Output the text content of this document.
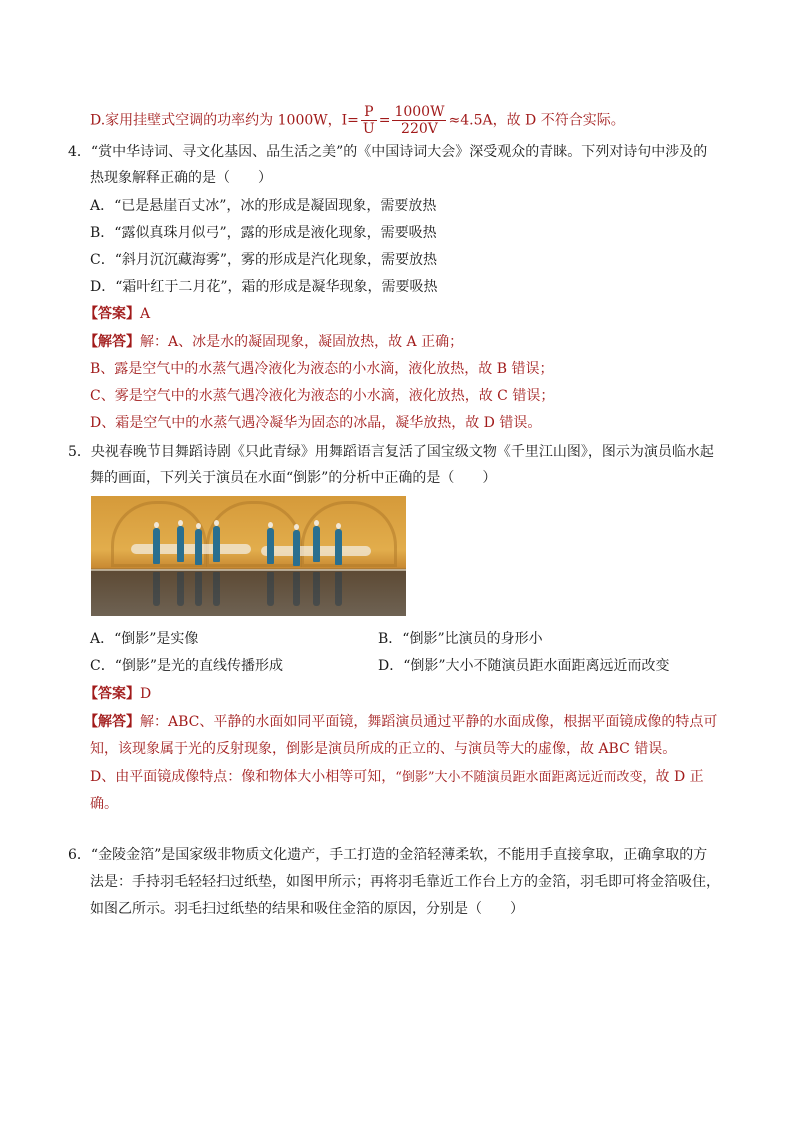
D.家用挂壁式空调的功率约为 1000W，$I= \frac{P}{U} = \frac{1000W}{220V} \approx 4.5A$，故 D 不符合实际。
4．“赏中华诗词、寻文化基因、品生活之美”的《中国诗词大会》深受观众的青睐。下列对诗句中涉及的
热现象解释正确的是（　　）
A．“已是悬崖百丈冰”，冰的形成是凝固现象，需要放热
B．“露似真珠月似弓”，露的形成是液化现象，需要吸热
C．“斜月沉沉藏海雾”，雾的形成是汽化现象，需要放热
D．“霜叶红于二月花”，霜的形成是凝华现象，需要吸热
【答案】A
【解答】解：A、冰是水的凝固现象，凝固放热，故 A 正确；
B、露是空气中的水蒸气遇冷液化为液态的小水滴，液化放热，故 B 错误；
C、雾是空气中的水蒸气遇冷液化为液态的小水滴，液化放热，故 C 错误；
D、霜是空气中的水蒸气遇冷凝华为固态的冰晶，凝华放热，故 D 错误。
5．央视春晚节目舞蹈诗剧《只此青绿》用舞蹈语言复活了国宝级文物《千里江山图》，图示为演员临水起
舞的画面，下列关于演员在水面“倒影”的分析中正确的是（　　）
A．“倒影”是实像	B．“倒影”比演员的身形小
C．“倒影”是光的直线传播形成	D．“倒影”大小不随演员距水面距离远近而改变
【答案】D
【解答】解：ABC、平静的水面如同平面镜，舞蹈演员通过平静的水面成像，根据平面镜成像的特点可
知，该现象属于光的反射现象，倒影是演员所成的正立的、与演员等大的虚像，故 ABC 错误。
D、由平面镜成像特点：像和物体大小相等可知，“倒影”大小不随演员距水面距离远近而改变，故 D 正
确。
6．“金陵金箔”是国家级非物质文化遗产，手工打造的金箔轻薄柔软，不能用手直接拿取，正确拿取的方
法是：手持羽毛轻轻扫过纸垫，如图甲所示；再将羽毛靠近工作台上方的金箔，羽毛即可将金箔吸住，
如图乙所示。羽毛扫过纸垫的结果和吸住金箔的原因，分别是（　　）
